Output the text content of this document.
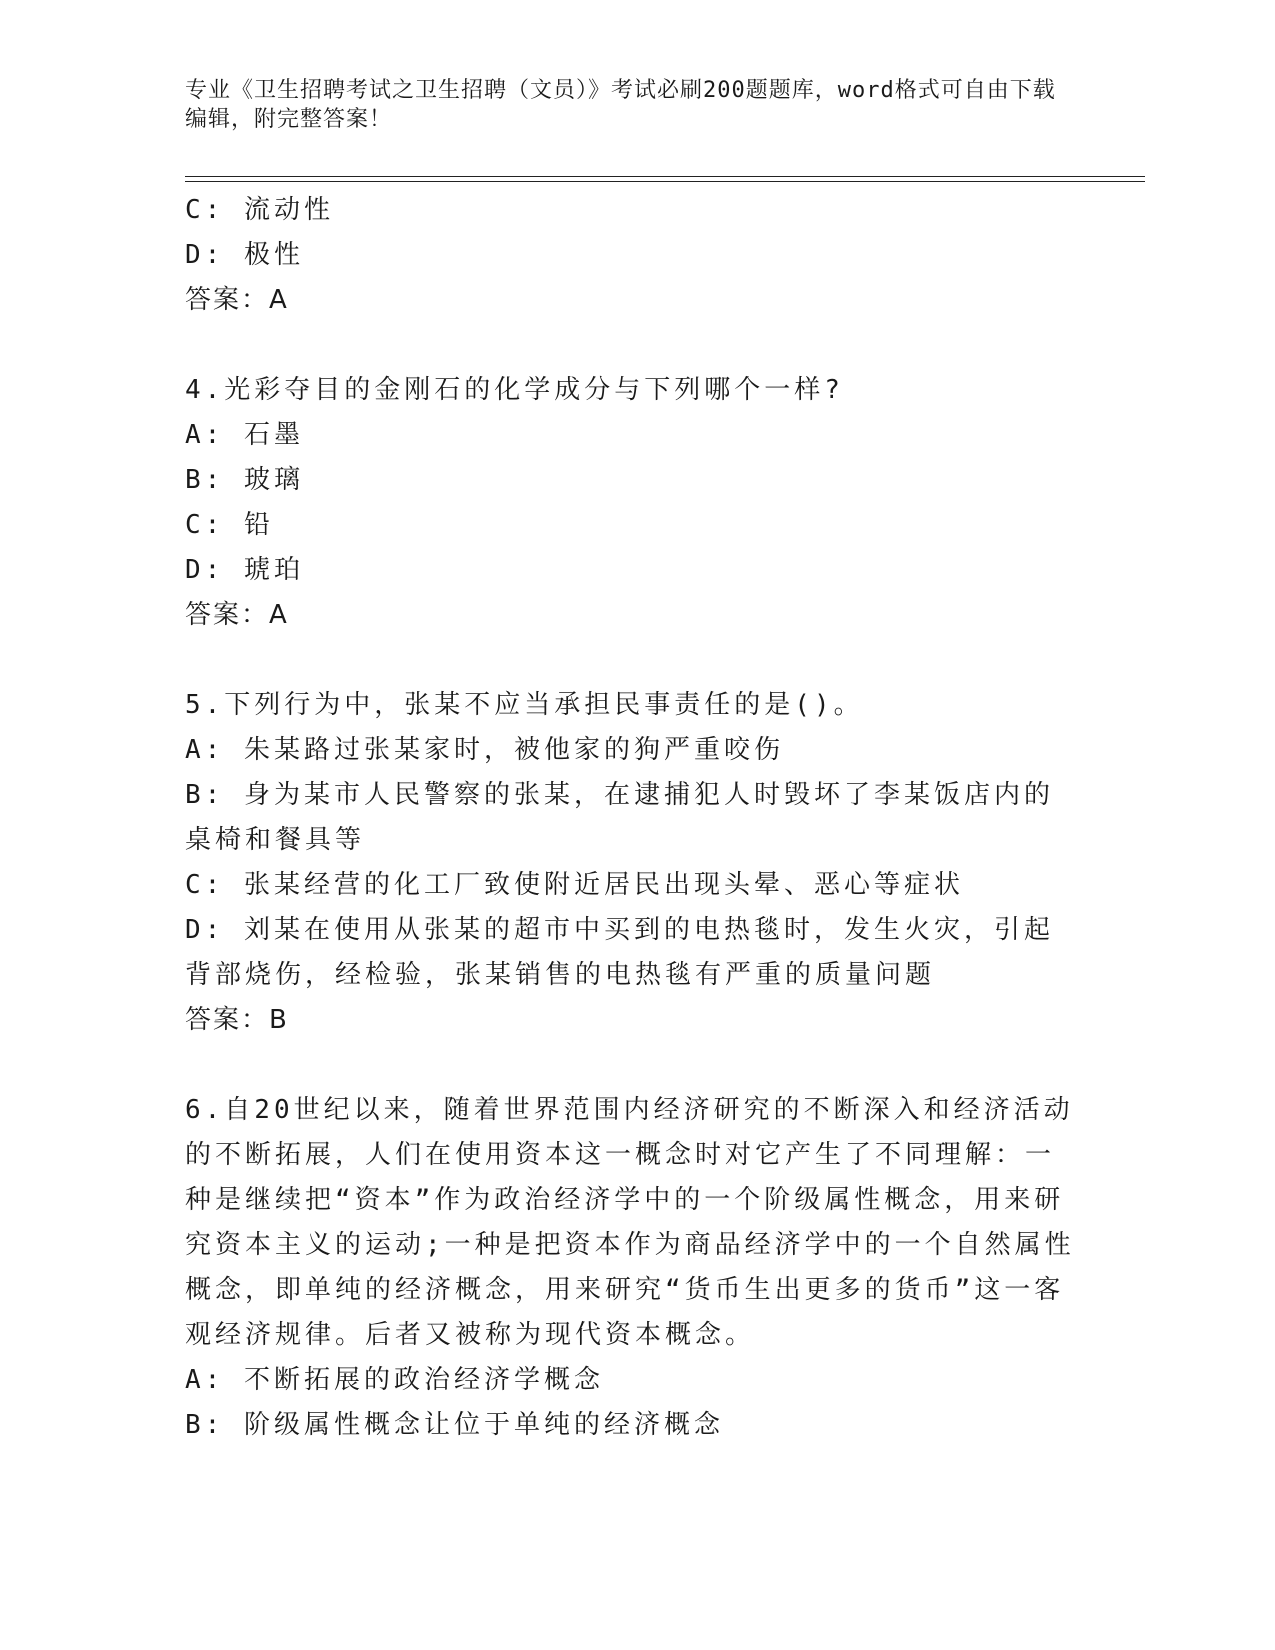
专业《卫生招聘考试之卫生招聘（文员）》考试必刷200题题库，word格式可自由下载编辑，附完整答案！
C: 流动性
D: 极性
答案：A
4.光彩夺目的金刚石的化学成分与下列哪个一样?
A: 石墨
B: 玻璃
C: 铅
D: 琥珀
答案：A
5.下列行为中，张某不应当承担民事责任的是()。
A: 朱某路过张某家时，被他家的狗严重咬伤
B: 身为某市人民警察的张某，在逮捕犯人时毁坏了李某饭店内的桌椅和餐具等
C: 张某经营的化工厂致使附近居民出现头晕、恶心等症状
D: 刘某在使用从张某的超市中买到的电热毯时，发生火灾，引起背部烧伤，经检验，张某销售的电热毯有严重的质量问题
答案：B
6.自20世纪以来，随着世界范围内经济研究的不断深入和经济活动的不断拓展，人们在使用资本这一概念时对它产生了不同理解：一种是继续把“资本”作为政治经济学中的一个阶级属性概念，用来研究资本主义的运动;一种是把资本作为商品经济学中的一个自然属性概念，即单纯的经济概念，用来研究“货币生出更多的货币”这一客观经济规律。后者又被称为现代资本概念。
A: 不断拓展的政治经济学概念
B: 阶级属性概念让位于单纯的经济概念
